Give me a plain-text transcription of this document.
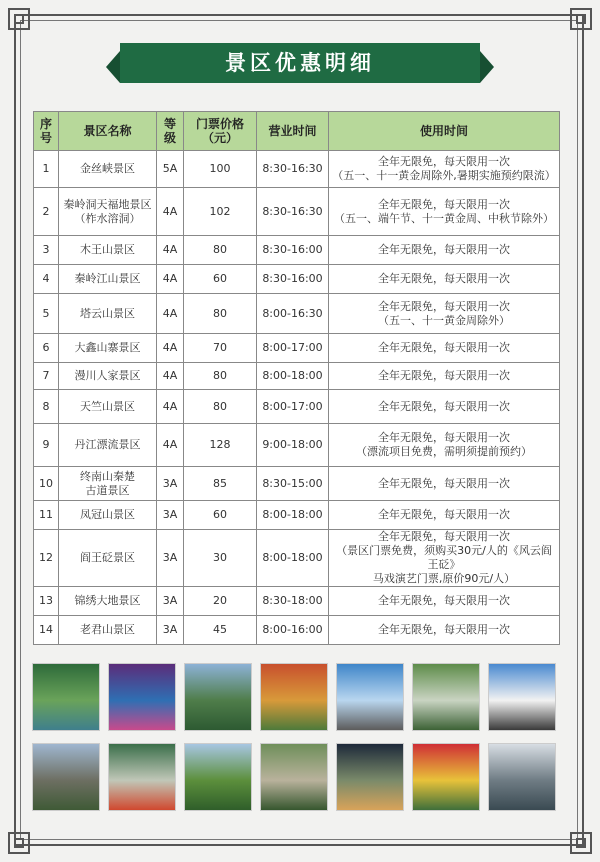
景区优惠明细
序号	景区名称	等级	门票价格（元）	营业时间	使用时间
1	金丝峡景区	5A	100	8:30-16:30	全年无限免，每天限用一次
（五一、十一黄金周除外,暑期实施预约限流）
2	秦岭洞天福地景区
（柞水溶洞）	4A	102	8:30-16:30	全年无限免，每天限用一次
（五一、端午节、十一黄金周、中秋节除外）
3	木王山景区	4A	80	8:30-16:00	全年无限免，每天限用一次
4	秦岭江山景区	4A	60	8:30-16:00	全年无限免，每天限用一次
5	塔云山景区	4A	80	8:00-16:30	全年无限免，每天限用一次
（五一、十一黄金周除外）
6	大鑫山寨景区	4A	70	8:00-17:00	全年无限免，每天限用一次
7	漫川人家景区	4A	80	8:00-18:00	全年无限免，每天限用一次
8	天竺山景区	4A	80	8:00-17:00	全年无限免，每天限用一次
9	丹江漂流景区	4A	128	9:00-18:00	全年无限免，每天限用一次
（漂流项目免费，需明须提前预约）
10	终南山秦楚
古道景区	3A	85	8:30-15:00	全年无限免，每天限用一次
11	凤冠山景区	3A	60	8:00-18:00	全年无限免，每天限用一次
12	阎王砭景区	3A	30	8:00-18:00	全年无限免，每天限用一次
（景区门票免费，须购买30元/人的《风云阎王砭》
马戏演艺门票,原价90元/人）
13	锦绣大地景区	3A	20	8:30-18:00	全年无限免，每天限用一次
14	老君山景区	3A	45	8:00-16:00	全年无限免，每天限用一次
